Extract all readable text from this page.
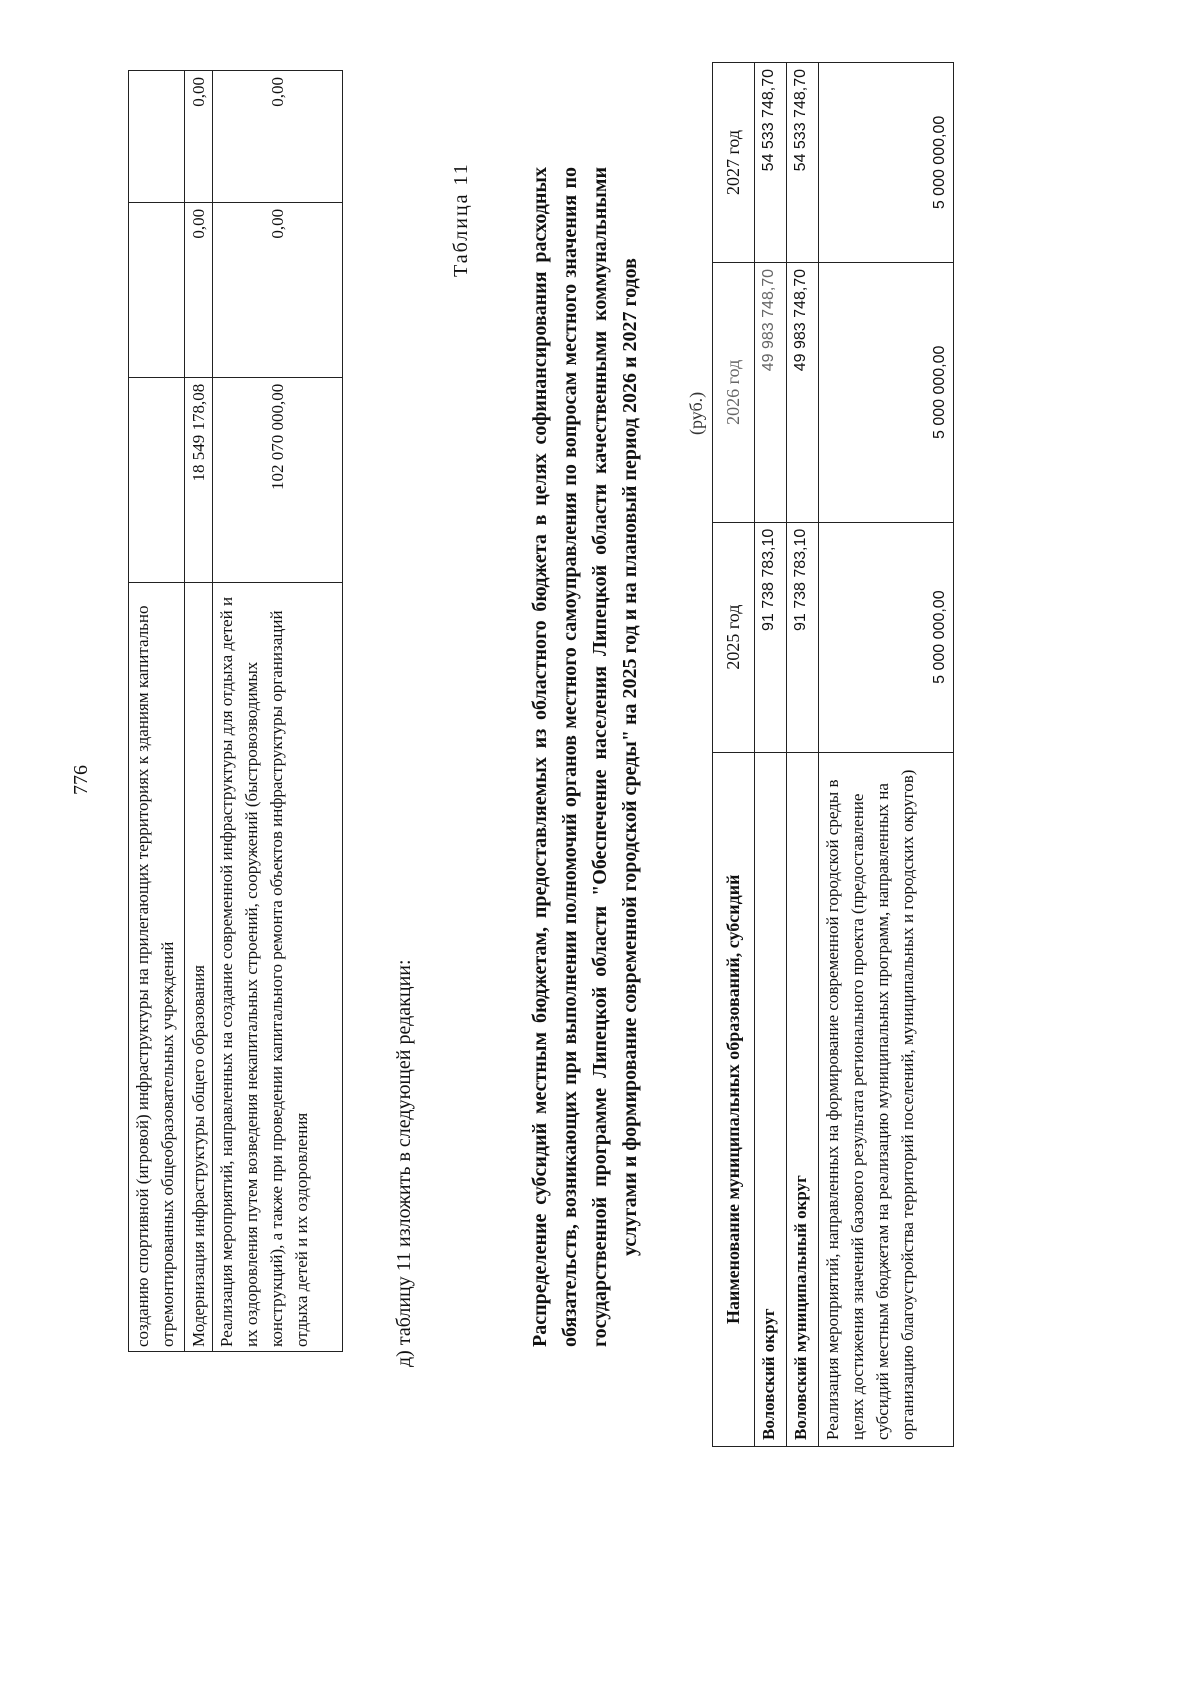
776 созданию спортивной (игровой) инфраструктуры на прилегающих территориях к зданиям капитально отремонтированных общеобразовательных учреждений			
Модернизация инфраструктуры общего образования	18 549 178,08	0,00	0,00
Реализация мероприятий, направленных на создание современной инфраструктуры для отдыха детей и их оздоровления путем возведения некапитальных строений, сооружений (быстровозводимых конструкций), а также при проведении капитального ремонта объектов инфраструктуры организаций отдыха детей и их оздоровления	102 070 000,00	0,00	0,00
д) таблицу 11 изложить в следующей редакции:
Таблица 11	Распределение субсидий местным бюджетам, предоставляемых из областного бюджета в целях софинансирования расходных обязательств, возникающих при выполнении полномочий органов местного самоуправления по вопросам местного значения по государственной программе Липецкой области "Обеспечение населения Липецкой области качественными коммунальными услугами и формирование современной городской среды" на 2025 год и на плановый период 2026 и 2027 годов	(руб.)
Наименование муниципальных образований, субсидий	2025 год	2026 год	2027 год
Воловский округ	91 738 783,10	49 983 748,70	54 533 748,70
Воловский муниципальный округ	91 738 783,10	49 983 748,70	54 533 748,70
Реализация мероприятий, направленных на формирование современной городской среды в целях достижения значений базового результата регионального проекта (предоставление субсидий местным бюджетам на реализацию муниципальных программ, направленных на организацию благоустройства территорий поселений, муниципальных и городских округов)	5 000 000,00	5 000 000,00	5 000 000,00
